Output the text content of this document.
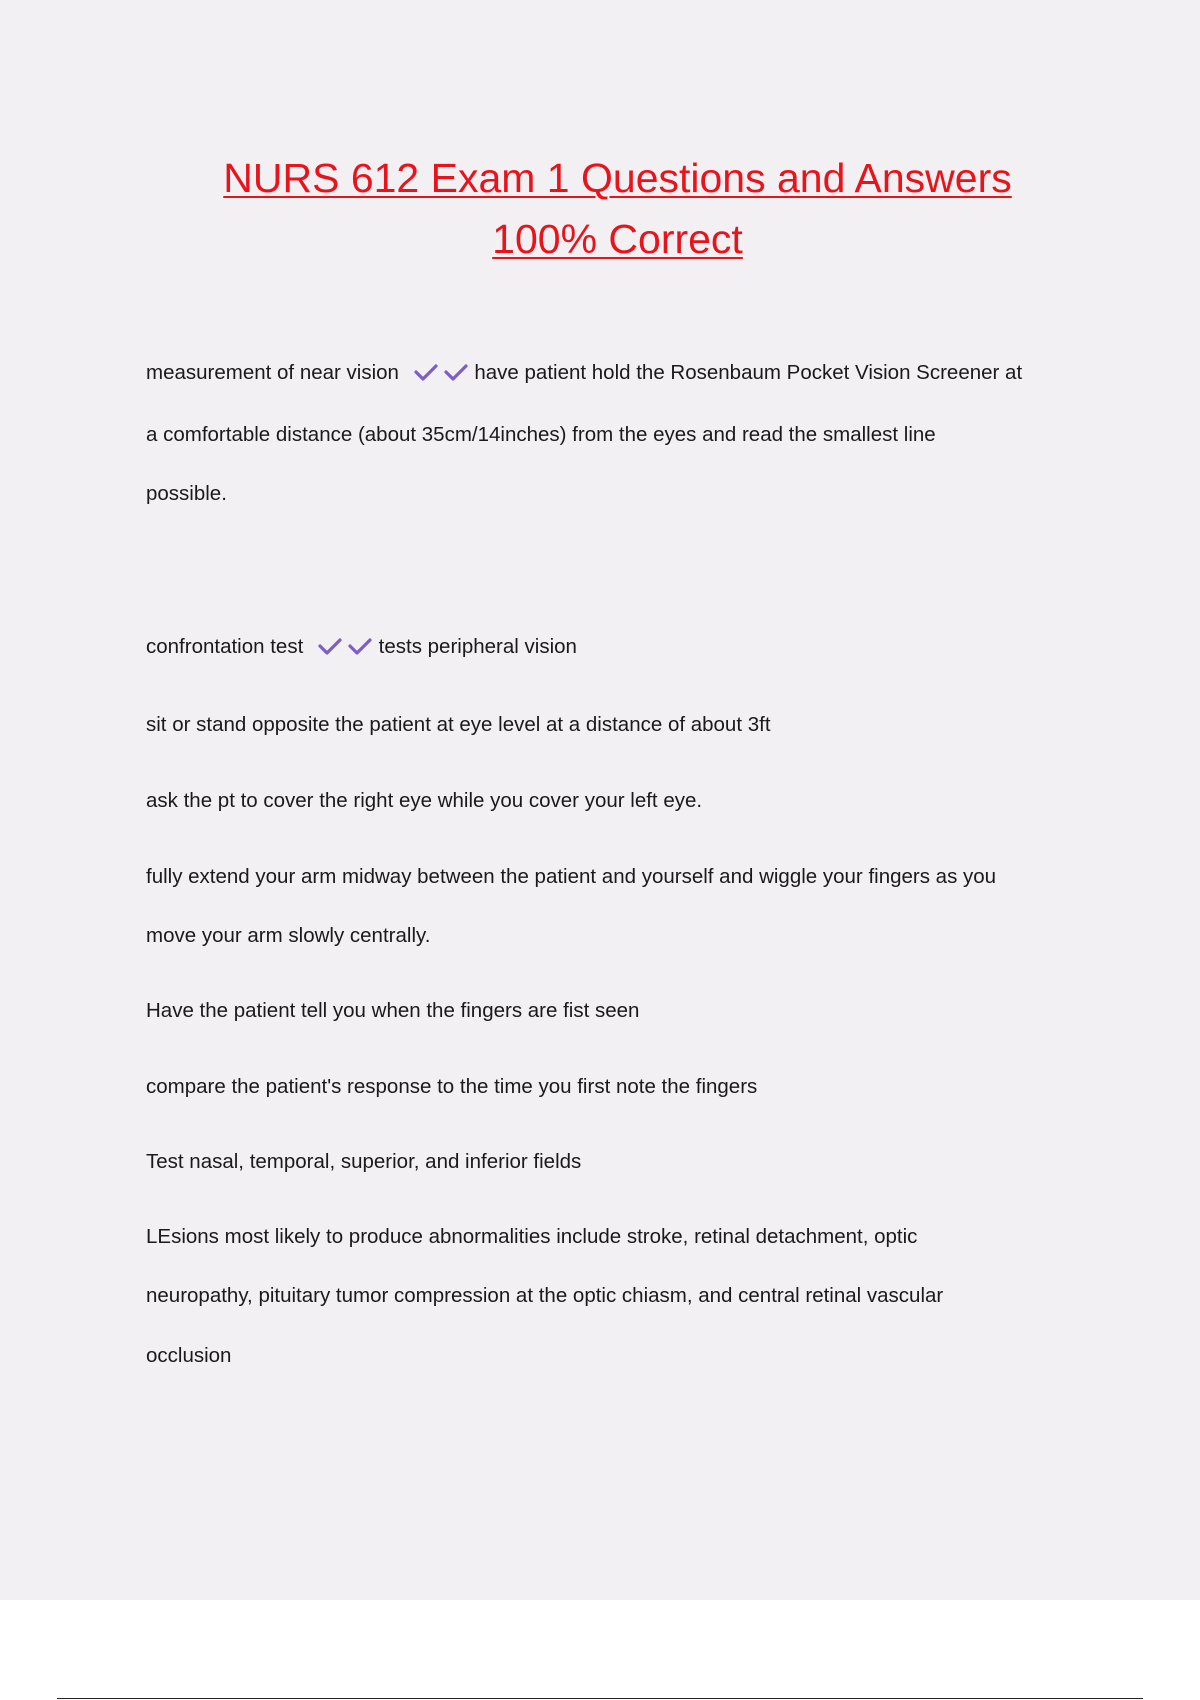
NURS 612 Exam 1 Questions and Answers
100% Correct
measurement of near vision	have patient hold the Rosenbaum Pocket Vision Screener at
a comfortable distance (about 35cm/14inches) from the eyes and read the smallest line
possible.
confrontation test	tests peripheral vision
sit or stand opposite the patient at eye level at a distance of about 3ft
ask the pt to cover the right eye while you cover your left eye.
fully extend your arm midway between the patient and yourself and wiggle your fingers as you
move your arm slowly centrally.
Have the patient tell you when the fingers are fist seen
compare the patient's response to the time you first note the fingers
Test nasal, temporal, superior, and inferior fields
LEsions most likely to produce abnormalities include stroke, retinal detachment, optic
neuropathy, pituitary tumor compression at the optic chiasm, and central retinal vascular
occlusion
